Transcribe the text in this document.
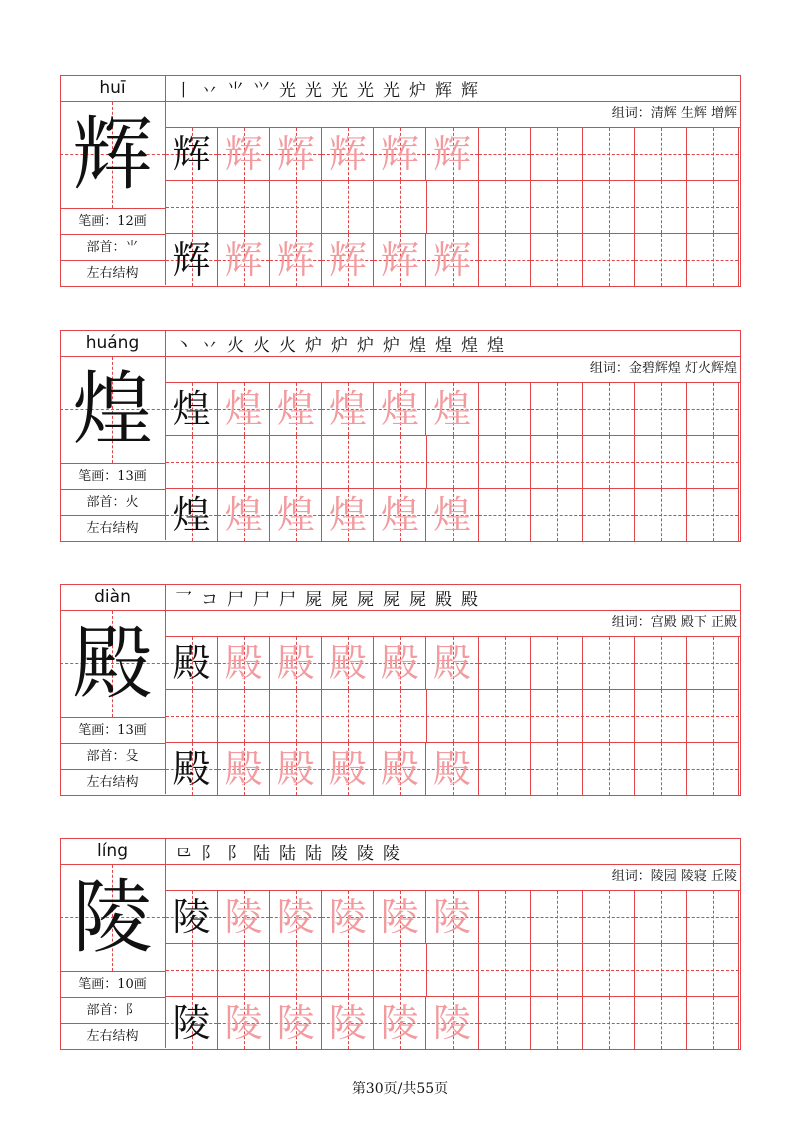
huī
辉
笔画：12画
部首：⺌
左右结构
丨 丷 ⺌ ⺍ 光 光 光 光 光 炉 辉 辉
组词：清辉 生辉 增辉
辉 辉 辉 辉 辉 辉
辉 辉 辉 辉 辉 辉
huáng
煌
笔画：13画
部首：火
左右结构
丶 丷 火 火 火 炉 炉 炉 炉 煌 煌 煌 煌
组词：金碧辉煌 灯火辉煌
煌 煌 煌 煌 煌 煌
煌 煌 煌 煌 煌 煌
diàn
殿
笔画：13画
部首：殳
左右结构
乛 コ 尸 尸 尸 屍 屍 屍 屍 屍 殿 殿
组词：宫殿 殿下 正殿
殿 殿 殿 殿 殿 殿
殿 殿 殿 殿 殿 殿
líng
陵
笔画：10画
部首：阝
左右结构
⺋ 阝 阝 陆 陆 陆 陵 陵 陵
组词：陵园 陵寝 丘陵
陵 陵 陵 陵 陵 陵
陵 陵 陵 陵 陵 陵
第30页/共55页
